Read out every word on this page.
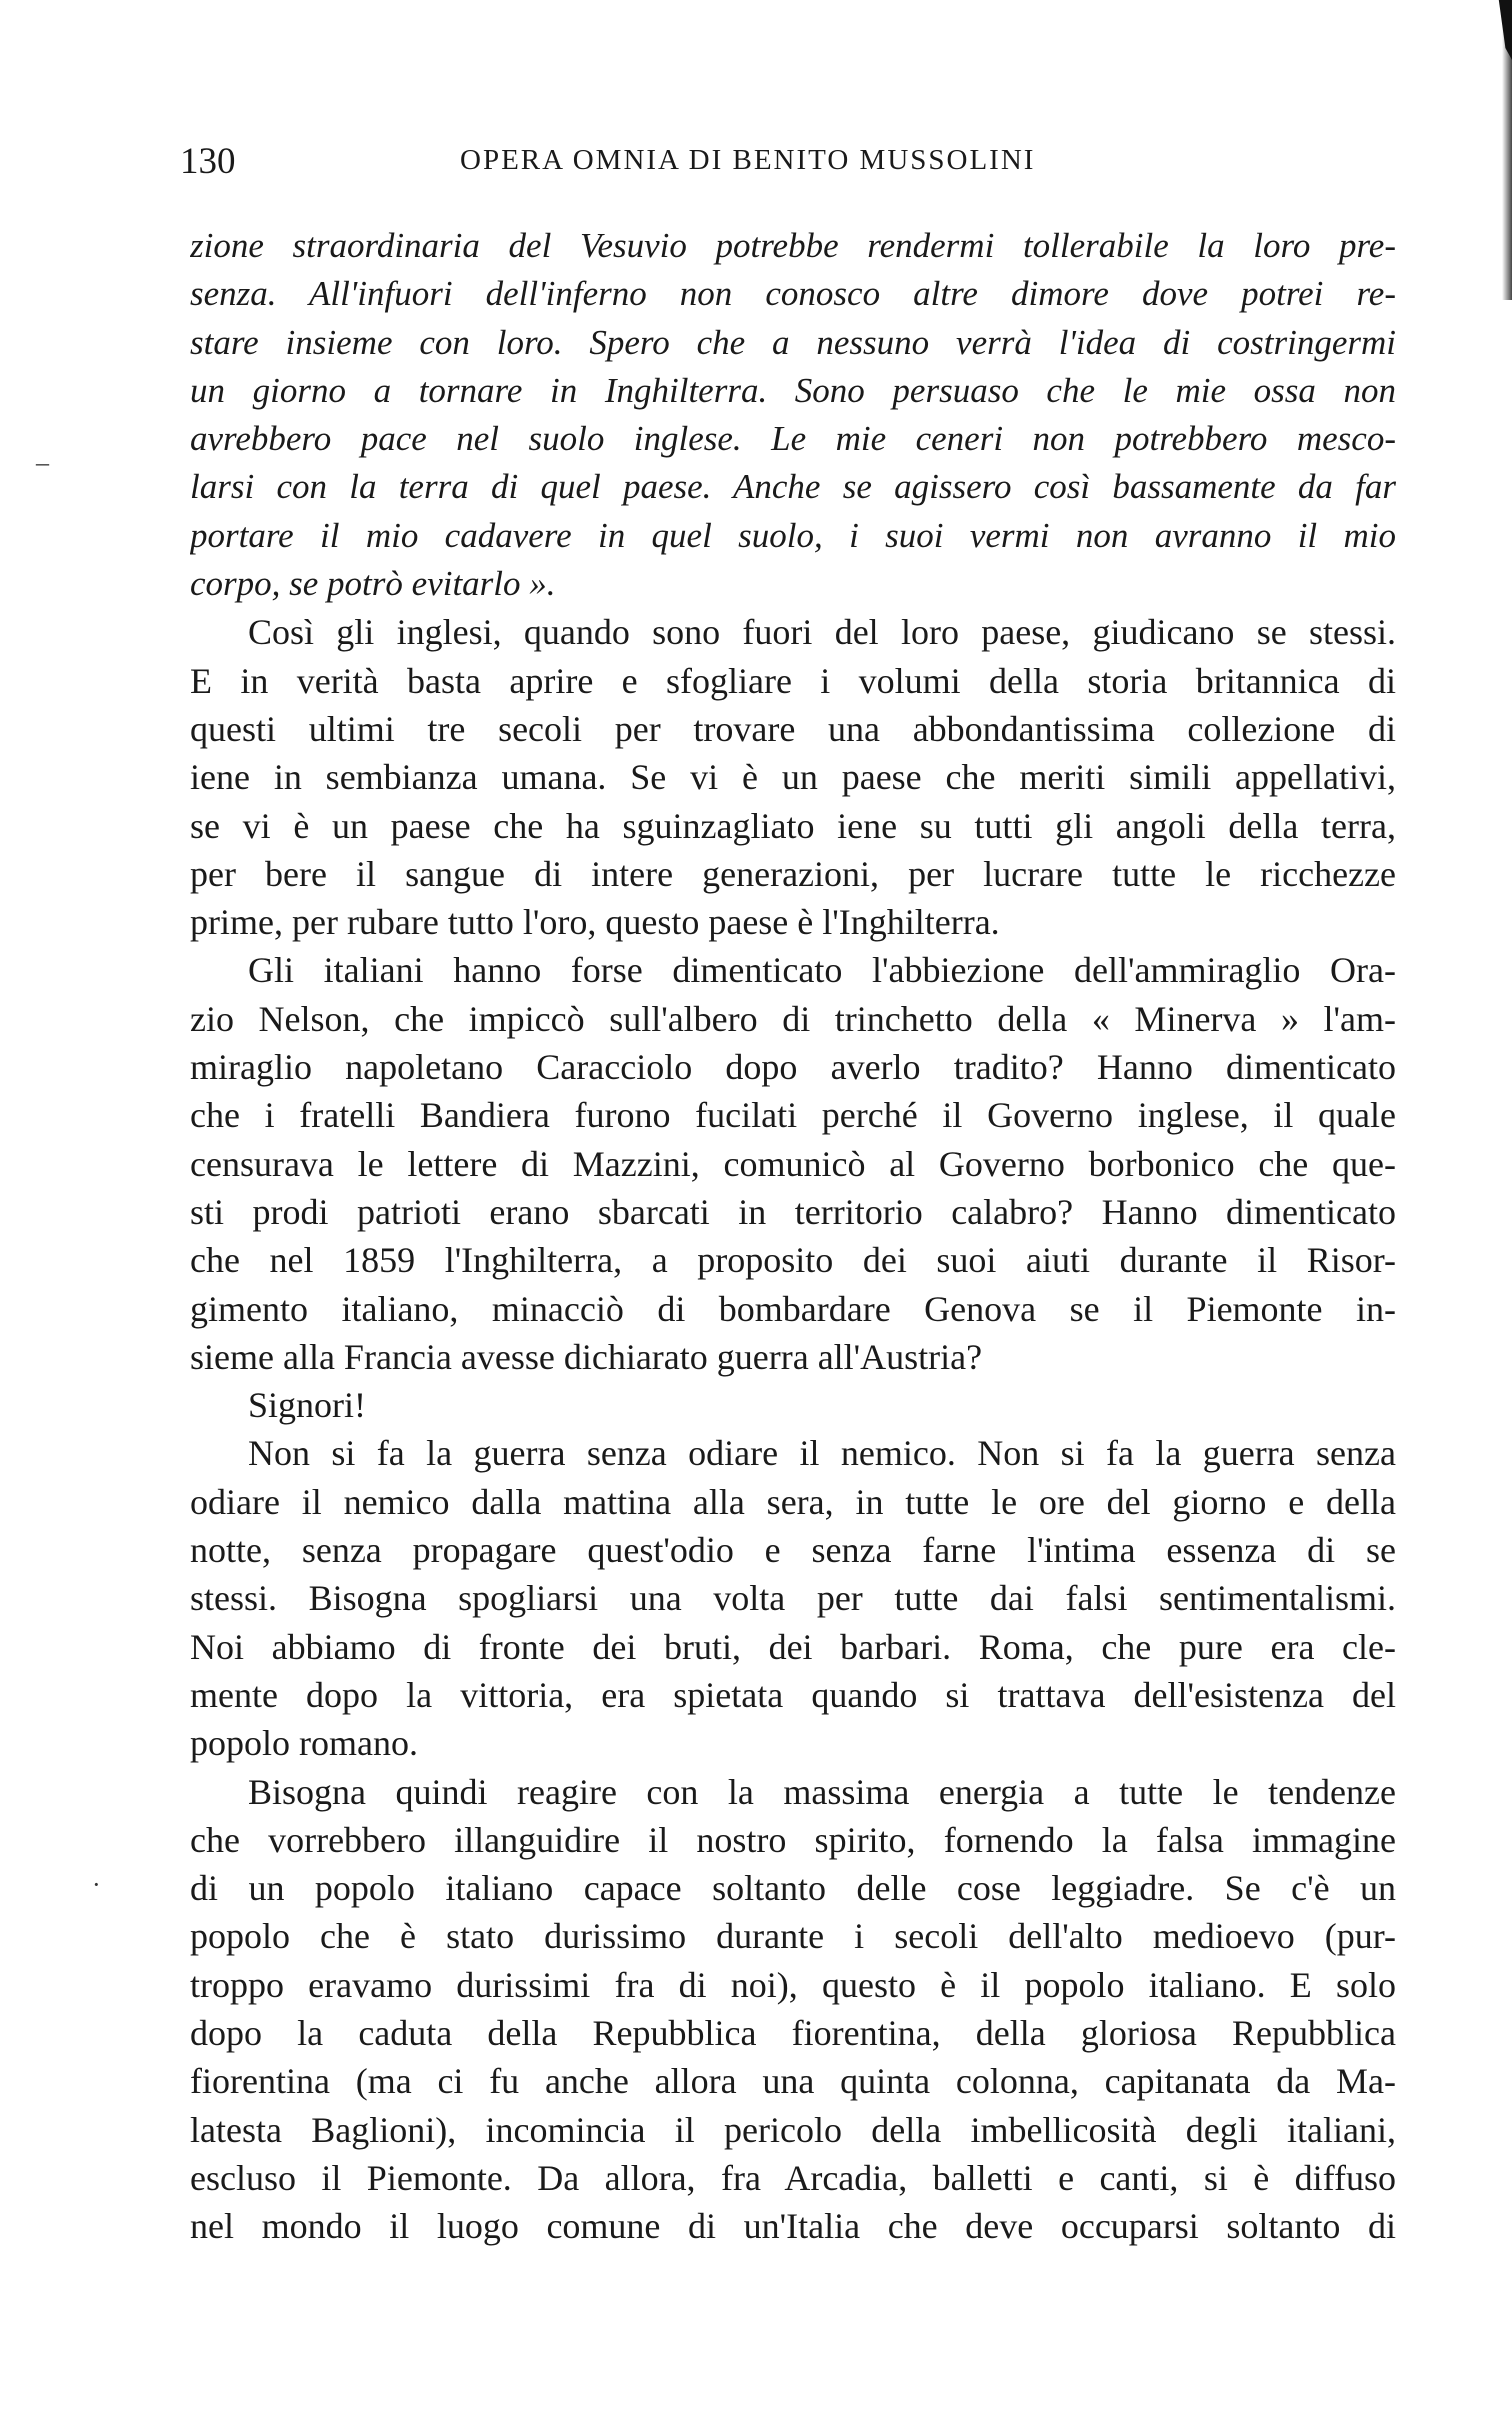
130	OPERA OMNIA DI BENITO MUSSOLINI
–
·
zione straordinaria del Vesuvio potrebbe rendermi tollerabile la loro pre-
senza. All'infuori dell'inferno non conosco altre dimore dove potrei re-
stare insieme con loro. Spero che a nessuno verrà l'idea di costringermi
un giorno a tornare in Inghilterra. Sono persuaso che le mie ossa non
avrebbero pace nel suolo inglese. Le mie ceneri non potrebbero mesco-
larsi con la terra di quel paese. Anche se agissero così bassamente da far
portare il mio cadavere in quel suolo, i suoi vermi non avranno il mio
corpo, se potrò evitarlo ».
Così gli inglesi, quando sono fuori del loro paese, giudicano se stessi.
E in verità basta aprire e sfogliare i volumi della storia britannica di
questi ultimi tre secoli per trovare una abbondantissima collezione di
iene in sembianza umana. Se vi è un paese che meriti simili appellativi,
se vi è un paese che ha sguinzagliato iene su tutti gli angoli della terra,
per bere il sangue di intere generazioni, per lucrare tutte le ricchezze
prime, per rubare tutto l'oro, questo paese è l'Inghilterra.
Gli italiani hanno forse dimenticato l'abbiezione dell'ammiraglio Ora-
zio Nelson, che impiccò sull'albero di trinchetto della « Minerva » l'am-
miraglio napoletano Caracciolo dopo averlo tradito? Hanno dimenticato
che i fratelli Bandiera furono fucilati perché il Governo inglese, il quale
censurava le lettere di Mazzini, comunicò al Governo borbonico che que-
sti prodi patrioti erano sbarcati in territorio calabro? Hanno dimenticato
che nel 1859 l'Inghilterra, a proposito dei suoi aiuti durante il Risor-
gimento italiano, minacciò di bombardare Genova se il Piemonte in-
sieme alla Francia avesse dichiarato guerra all'Austria?
Signori!
Non si fa la guerra senza odiare il nemico. Non si fa la guerra senza
odiare il nemico dalla mattina alla sera, in tutte le ore del giorno e della
notte, senza propagare quest'odio e senza farne l'intima essenza di se
stessi. Bisogna spogliarsi una volta per tutte dai falsi sentimentalismi.
Noi abbiamo di fronte dei bruti, dei barbari. Roma, che pure era cle-
mente dopo la vittoria, era spietata quando si trattava dell'esistenza del
popolo romano.
Bisogna quindi reagire con la massima energia a tutte le tendenze
che vorrebbero illanguidire il nostro spirito, fornendo la falsa immagine
di un popolo italiano capace soltanto delle cose leggiadre. Se c'è un
popolo che è stato durissimo durante i secoli dell'alto medioevo (pur-
troppo eravamo durissimi fra di noi), questo è il popolo italiano. E solo
dopo la caduta della Repubblica fiorentina, della gloriosa Repubblica
fiorentina (ma ci fu anche allora una quinta colonna, capitanata da Ma-
latesta Baglioni), incomincia il pericolo della imbellicosità degli italiani,
escluso il Piemonte. Da allora, fra Arcadia, balletti e canti, si è diffuso
nel mondo il luogo comune di un'Italia che deve occuparsi soltanto di
